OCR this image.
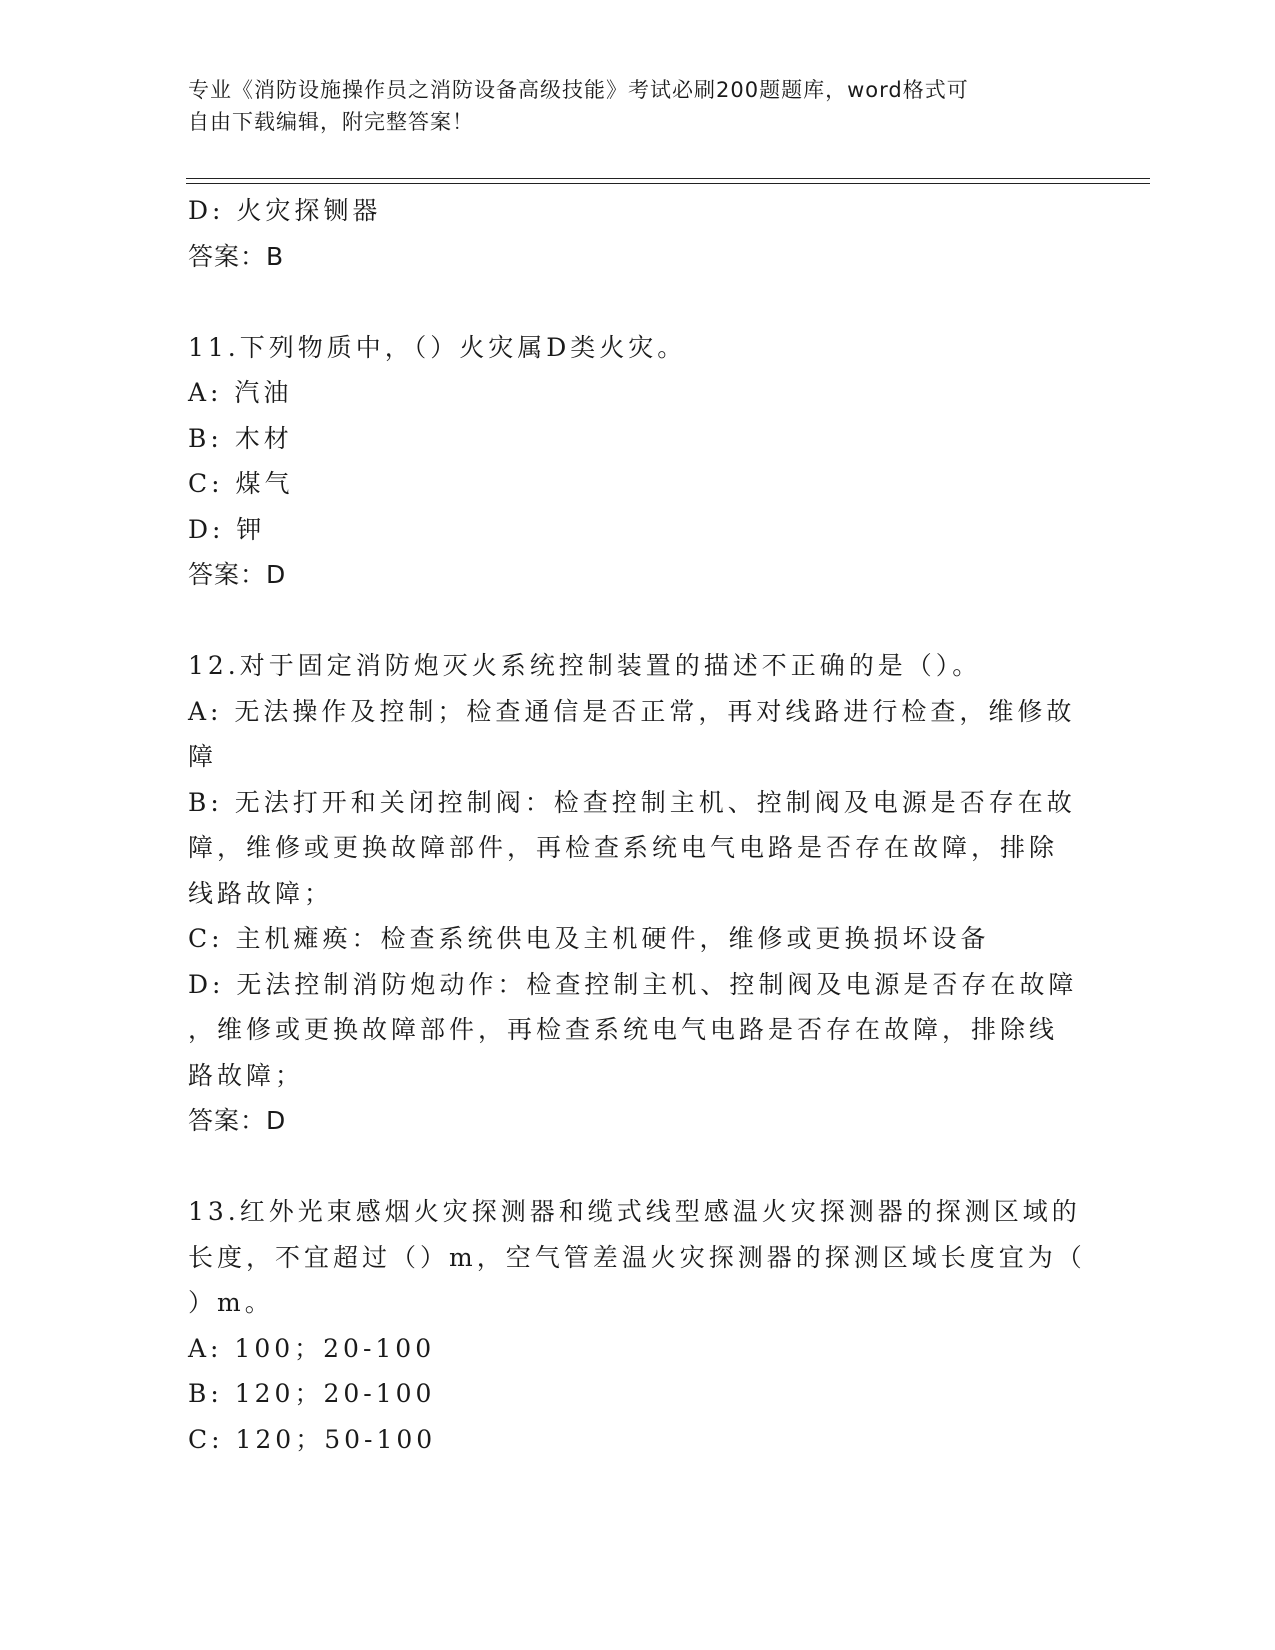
专业《消防设施操作员之消防设备高级技能》考试必刷200题题库，word格式可
自由下载编辑，附完整答案！
D: 火灾探铡器
答案：B
11.下列物质中，（）火灾属D类火灾。
A: 汽油
B: 木材
C: 煤气
D: 钾
答案：D
12.对于固定消防炮灭火系统控制装置的描述不正确的是（）。
A: 无法操作及控制；检查通信是否正常，再对线路进行检查，维修故
障
B: 无法打开和关闭控制阀：检查控制主机、控制阀及电源是否存在故
障，维修或更换故障部件，再检查系统电气电路是否存在故障，排除
线路故障；
C: 主机瘫痪：检查系统供电及主机硬件，维修或更换损坏设备
D: 无法控制消防炮动作：检查控制主机、控制阀及电源是否存在故障
，维修或更换故障部件，再检查系统电气电路是否存在故障，排除线
路故障；
答案：D
13.红外光束感烟火灾探测器和缆式线型感温火灾探测器的探测区域的
长度，不宜超过（）m，空气管差温火灾探测器的探测区域长度宜为（
）m。
A: 100；20-100
B: 120；20-100
C: 120；50-100
